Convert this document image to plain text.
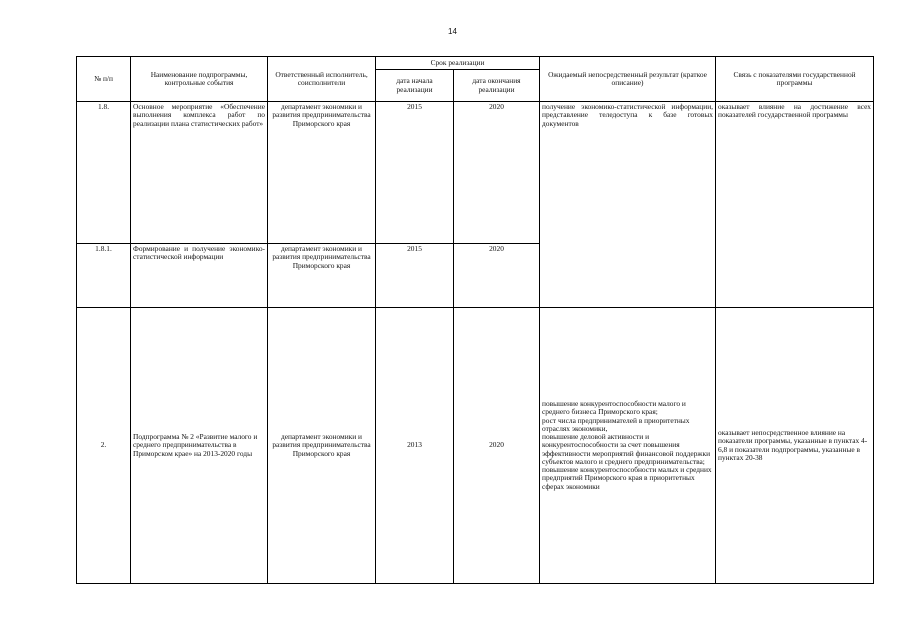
14
№ п/п	Наименование подпрограммы, контрольные события	Ответственный исполнитель, соисполнители	Срок реализации		Ожидаемый непосредственный результат (краткое описание)	Связь с показателями государственной программы
			дата начала реализации	дата окончания реализации		
1.8.	Основное мероприятие «Обеспечение выполнения комплекса работ по реализации плана статистических работ»	департамент экономики и развития предпринимательства Приморского края	2015	2020	получение экономико-статистической информации, представление теледоступа к базе готовых документов	оказывает влияние на достижение всех показателей государственной программы
1.8.1.	Формирование и получение экономико-статистической информации	департамент экономики и развития предпринимательства Приморского края	2015	2020		
2.	Подпрограмма № 2 «Развитие малого и среднего предпринимательства в Приморском крае» на 2013-2020 годы	департамент экономики и развития предпринимательства Приморского края	2013	2020	повышение конкурентоспособности малого и среднего бизнеса Приморского края;
рост числа предпринимателей в приоритетных отраслях экономики,
повышение деловой активности и конкурентоспособности за счет повышения эффективности мероприятий финансовой поддержки субъектов малого и среднего предпринимательства;
повышение конкурентоспособности малых и средних предприятий Приморского края в приоритетных сферах экономики	оказывает непосредственное влияние на показатели программы, указанные в пунктах 4- 6,8 и показатели подпрограммы, указанные в пунктах 20-38
